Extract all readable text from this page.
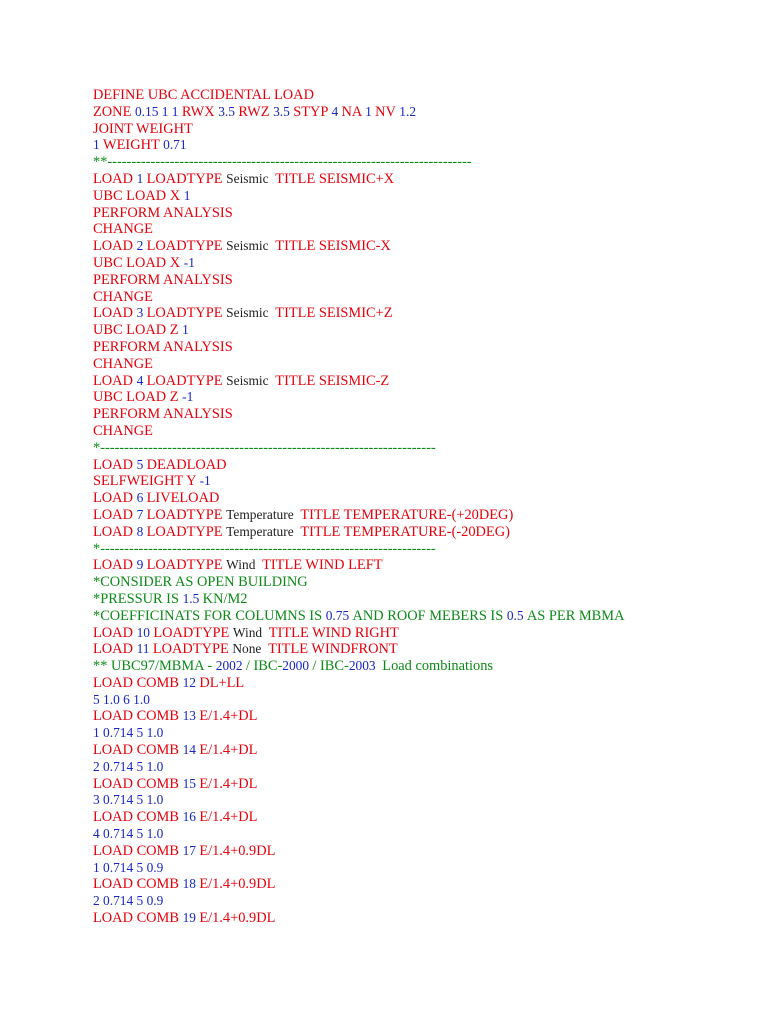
DEFINE UBC ACCIDENTAL LOAD
ZONE 0.15 1 1 RWX 3.5 RWZ 3.5 STYP 4 NA 1 NV 1.2
JOINT WEIGHT
1 WEIGHT 0.71
**----------------------------------------------------------------------------
LOAD 1 LOADTYPE Seismic  TITLE SEISMIC+X
UBC LOAD X 1
PERFORM ANALYSIS
CHANGE
LOAD 2 LOADTYPE Seismic  TITLE SEISMIC-X
UBC LOAD X -1
PERFORM ANALYSIS
CHANGE
LOAD 3 LOADTYPE Seismic  TITLE SEISMIC+Z
UBC LOAD Z 1
PERFORM ANALYSIS
CHANGE
LOAD 4 LOADTYPE Seismic  TITLE SEISMIC-Z
UBC LOAD Z -1
PERFORM ANALYSIS
CHANGE
*----------------------------------------------------------------------
LOAD 5 DEADLOAD
SELFWEIGHT Y -1
LOAD 6 LIVELOAD
LOAD 7 LOADTYPE Temperature  TITLE TEMPERATURE-(+20DEG)
LOAD 8 LOADTYPE Temperature  TITLE TEMPERATURE-(-20DEG)
*----------------------------------------------------------------------
LOAD 9 LOADTYPE Wind  TITLE WIND LEFT
*CONSIDER AS OPEN BUILDING
*PRESSUR IS 1.5 KN/M2
*COEFFICINATS FOR COLUMNS IS 0.75 AND ROOF MEBERS IS 0.5 AS PER MBMA
LOAD 10 LOADTYPE Wind  TITLE WIND RIGHT
LOAD 11 LOADTYPE None  TITLE WINDFRONT
** UBC97/MBMA - 2002 / IBC-2000 / IBC-2003  Load combinations
LOAD COMB 12 DL+LL
5 1.0 6 1.0
LOAD COMB 13 E/1.4+DL
1 0.714 5 1.0
LOAD COMB 14 E/1.4+DL
2 0.714 5 1.0
LOAD COMB 15 E/1.4+DL
3 0.714 5 1.0
LOAD COMB 16 E/1.4+DL
4 0.714 5 1.0
LOAD COMB 17 E/1.4+0.9DL
1 0.714 5 0.9
LOAD COMB 18 E/1.4+0.9DL
2 0.714 5 0.9
LOAD COMB 19 E/1.4+0.9DL
